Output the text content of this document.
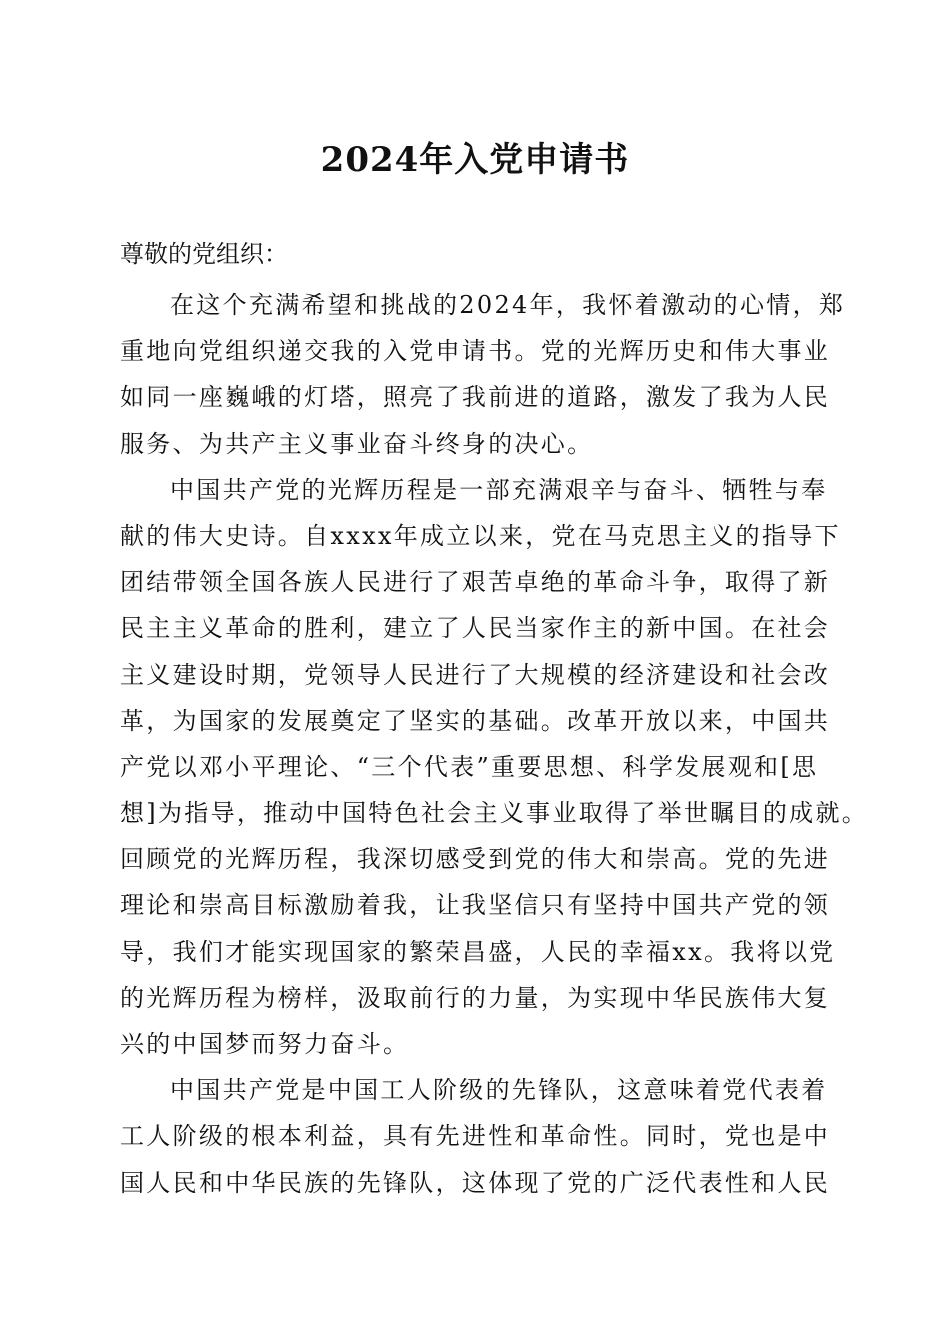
2024年入党申请书

尊敬的党组织：

在这个充满希望和挑战的2024年，我怀着激动的心情，郑
重地向党组织递交我的入党申请书。党的光辉历史和伟大事业
如同一座巍峨的灯塔，照亮了我前进的道路，激发了我为人民
服务、为共产主义事业奋斗终身的决心。
中国共产党的光辉历程是一部充满艰辛与奋斗、牺牲与奉
献的伟大史诗。自xxxx年成立以来，党在马克思主义的指导下
团结带领全国各族人民进行了艰苦卓绝的革命斗争，取得了新
民主主义革命的胜利，建立了人民当家作主的新中国。在社会
主义建设时期，党领导人民进行了大规模的经济建设和社会改
革，为国家的发展奠定了坚实的基础。改革开放以来，中国共
产党以邓小平理论、“三个代表”重要思想、科学发展观和[思
想]为指导，推动中国特色社会主义事业取得了举世瞩目的成就。
回顾党的光辉历程，我深切感受到党的伟大和崇高。党的先进
理论和崇高目标激励着我，让我坚信只有坚持中国共产党的领
导，我们才能实现国家的繁荣昌盛，人民的幸福xx。我将以党
的光辉历程为榜样，汲取前行的力量，为实现中华民族伟大复
兴的中国梦而努力奋斗。
中国共产党是中国工人阶级的先锋队，这意味着党代表着
工人阶级的根本利益，具有先进性和革命性。同时，党也是中
国人民和中华民族的先锋队，这体现了党的广泛代表性和人民
